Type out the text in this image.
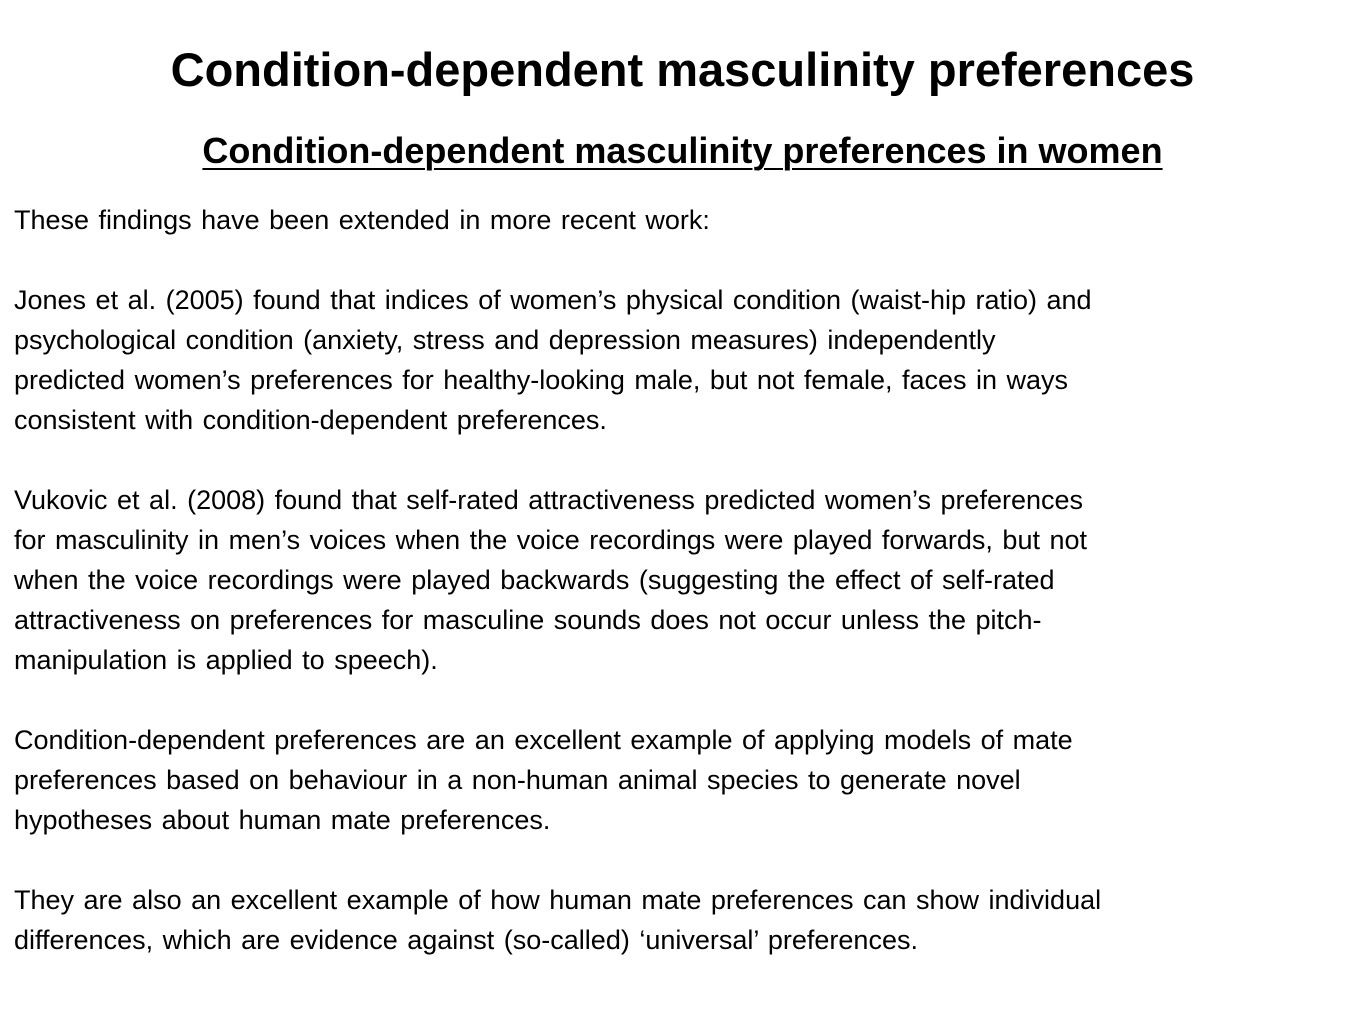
Condition-dependent masculinity preferences
Condition-dependent masculinity preferences in women

These findings have been extended in more recent work:

Jones et al. (2005) found that indices of women’s physical condition (waist-hip ratio) and
psychological condition (anxiety, stress and depression measures) independently
predicted women’s preferences for healthy-looking male, but not female, faces in ways
consistent with condition-dependent preferences.

Vukovic et al. (2008) found that self-rated attractiveness predicted women’s preferences
for masculinity in men’s voices when the voice recordings were played forwards, but not
when the voice recordings were played backwards (suggesting the effect of self-rated
attractiveness on preferences for masculine sounds does not occur unless the pitch-
manipulation is applied to speech).

Condition-dependent preferences are an excellent example of applying models of mate
preferences based on behaviour in a non-human animal species to generate novel
hypotheses about human mate preferences.

They are also an excellent example of how human mate preferences can show individual
differences, which are evidence against (so-called) ‘universal’ preferences.
